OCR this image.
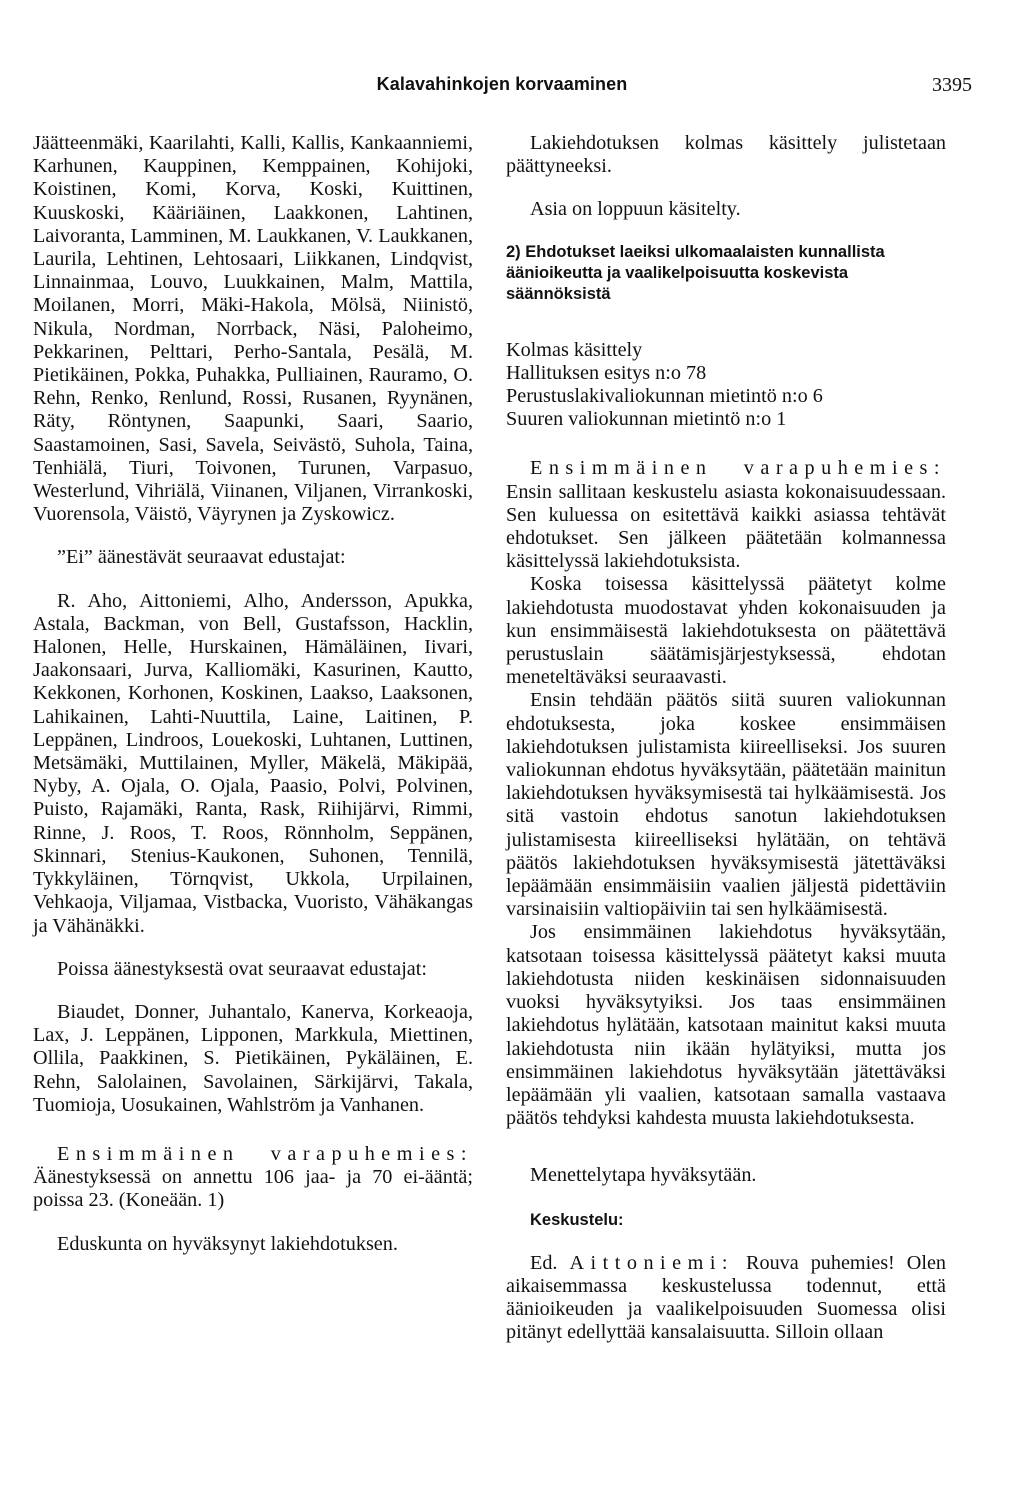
Kalavahinkojen korvaaminen	3395

Jäätteenmäki, Kaarilahti, Kalli, Kallis, Kankaanniemi, Karhunen, Kauppinen, Kemppainen, Kohijoki, Koistinen, Komi, Korva, Koski, Kuittinen, Kuuskoski, Kääriäinen, Laakkonen, Lahtinen, Laivoranta, Lamminen, M. Laukkanen, V. Laukkanen, Laurila, Lehtinen, Lehtosaari, Liikkanen, Lindqvist, Linnainmaa, Louvo, Luukkainen, Malm, Mattila, Moilanen, Morri, Mäki-Hakola, Mölsä, Niinistö, Nikula, Nordman, Norrback, Näsi, Paloheimo, Pekkarinen, Pelttari, Perho-Santala, Pesälä, M. Pietikäinen, Pokka, Puhakka, Pulliainen, Rauramo, O. Rehn, Renko, Renlund, Rossi, Rusanen, Ryynänen, Räty, Röntynen, Saapunki, Saari, Saario, Saastamoinen, Sasi, Savela, Seivästö, Suhola, Taina, Tenhiälä, Tiuri, Toivonen, Turunen, Varpasuo, Westerlund, Vihriälä, Viinanen, Viljanen, Virrankoski, Vuorensola, Väistö, Väyrynen ja Zyskowicz.

”Ei” äänestävät seuraavat edustajat:

R. Aho, Aittoniemi, Alho, Andersson, Apukka, Astala, Backman, von Bell, Gustafsson, Hacklin, Halonen, Helle, Hurskainen, Hämäläinen, Iivari, Jaakonsaari, Jurva, Kalliomäki, Kasurinen, Kautto, Kekkonen, Korhonen, Koskinen, Laakso, Laaksonen, Lahikainen, Lahti-Nuuttila, Laine, Laitinen, P. Leppänen, Lindroos, Louekoski, Luhtanen, Luttinen, Metsämäki, Muttilainen, Myller, Mäkelä, Mäkipää, Nyby, A. Ojala, O. Ojala, Paasio, Polvi, Polvinen, Puisto, Rajamäki, Ranta, Rask, Riihijärvi, Rimmi, Rinne, J. Roos, T. Roos, Rönnholm, Seppänen, Skinnari, Stenius-Kaukonen, Suhonen, Tennilä, Tykkyläinen, Törnqvist, Ukkola, Urpilainen, Vehkaoja, Viljamaa, Vistbacka, Vuoristo, Vähäkangas ja Vähänäkki.

Poissa äänestyksestä ovat seuraavat edustajat:

Biaudet, Donner, Juhantalo, Kanerva, Korkeaoja, Lax, J. Leppänen, Lipponen, Markkula, Miettinen, Ollila, Paakkinen, S. Pietikäinen, Pykäläinen, E. Rehn, Salolainen, Savolainen, Särkijärvi, Takala, Tuomioja, Uosukainen, Wahlström ja Vanhanen.

Ensimmäinen varapuhemies: Äänestyksessä on annettu 106 jaa- ja 70 ei-ääntä; poissa 23. (Koneään. 1)

Eduskunta on hyväksynyt lakiehdotuksen.

Lakiehdotuksen kolmas käsittely julistetaan päättyneeksi.

Asia on loppuun käsitelty.

2) Ehdotukset laeiksi ulkomaalaisten kunnallista äänioikeutta ja vaalikelpoisuutta koskevista säännöksistä

Kolmas käsittely
Hallituksen esitys n:o 78
Perustuslakivaliokunnan mietintö n:o 6
Suuren valiokunnan mietintö n:o 1

Ensimmäinen varapuhemies: Ensin sallitaan keskustelu asiasta kokonaisuudessaan. Sen kuluessa on esitettävä kaikki asiassa tehtävät ehdotukset. Sen jälkeen päätetään kolmannessa käsittelyssä lakiehdotuksista.

Koska toisessa käsittelyssä päätetyt kolme lakiehdotusta muodostavat yhden kokonaisuuden ja kun ensimmäisestä lakiehdotuksesta on päätettävä perustuslain säätämisjärjestyksessä, ehdotan meneteltäväksi seuraavasti.

Ensin tehdään päätös siitä suuren valiokunnan ehdotuksesta, joka koskee ensimmäisen lakiehdotuksen julistamista kiireelliseksi. Jos suuren valiokunnan ehdotus hyväksytään, päätetään mainitun lakiehdotuksen hyväksymisestä tai hylkäämisestä. Jos sitä vastoin ehdotus sanotun lakiehdotuksen julistamisesta kiireelliseksi hylätään, on tehtävä päätös lakiehdotuksen hyväksymisestä jätettäväksi lepäämään ensimmäisiin vaalien jäljestä pidettäviin varsinaisiin valtiopäiviin tai sen hylkäämisestä.

Jos ensimmäinen lakiehdotus hyväksytään, katsotaan toisessa käsittelyssä päätetyt kaksi muuta lakiehdotusta niiden keskinäisen sidonnaisuuden vuoksi hyväksytyiksi. Jos taas ensimmäinen lakiehdotus hylätään, katsotaan mainitut kaksi muuta lakiehdotusta niin ikään hylätyiksi, mutta jos ensimmäinen lakiehdotus hyväksytään jätettäväksi lepäämään yli vaalien, katsotaan samalla vastaava päätös tehdyksi kahdesta muusta lakiehdotuksesta.

Menettelytapa hyväksytään.

Keskustelu:

Ed. Aittoniemi: Rouva puhemies! Olen aikaisemmassa keskustelussa todennut, että äänioikeuden ja vaalikelpoisuuden Suomessa olisi pitänyt edellyttää kansalaisuutta. Silloin ollaan
